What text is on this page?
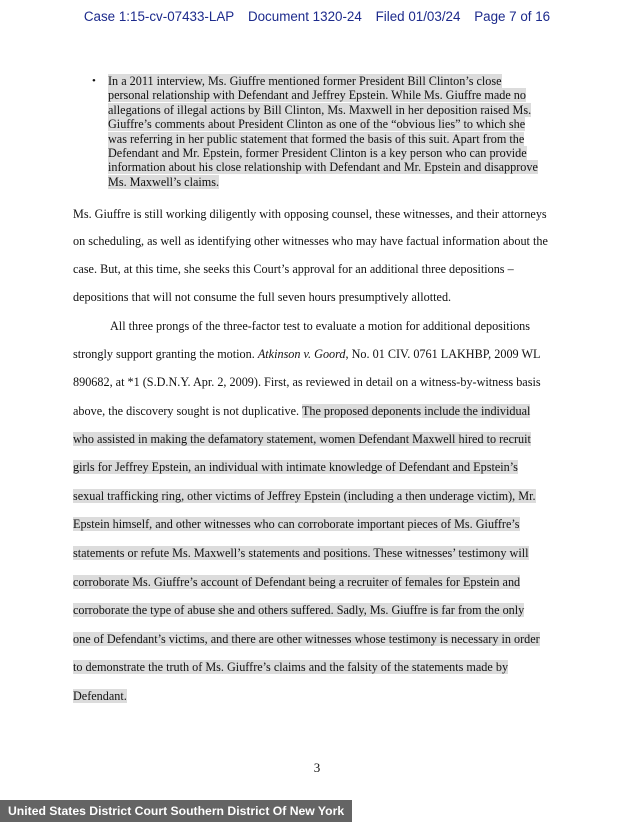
Case 1:15-cv-07433-LAP Document 1320-24 Filed 01/03/24 Page 7 of 16
• In a 2011 interview, Ms. Giuffre mentioned former President Bill Clinton’s close
personal relationship with Defendant and Jeffrey Epstein. While Ms. Giuffre made no
allegations of illegal actions by Bill Clinton, Ms. Maxwell in her deposition raised Ms.
Giuffre’s comments about President Clinton as one of the “obvious lies” to which she
was referring in her public statement that formed the basis of this suit. Apart from the
Defendant and Mr. Epstein, former President Clinton is a key person who can provide
information about his close relationship with Defendant and Mr. Epstein and disapprove
Ms. Maxwell’s claims.
Ms. Giuffre is still working diligently with opposing counsel, these witnesses, and their attorneys
on scheduling, as well as identifying other witnesses who may have factual information about the
case. But, at this time, she seeks this Court’s approval for an additional three depositions –
depositions that will not consume the full seven hours presumptively allotted.
All three prongs of the three-factor test to evaluate a motion for additional depositions
strongly support granting the motion. Atkinson v. Goord, No. 01 CIV. 0761 LAKHBP, 2009 WL
890682, at *1 (S.D.N.Y. Apr. 2, 2009). First, as reviewed in detail on a witness-by-witness basis
above, the discovery sought is not duplicative. The proposed deponents include the individual
who assisted in making the defamatory statement, women Defendant Maxwell hired to recruit
girls for Jeffrey Epstein, an individual with intimate knowledge of Defendant and Epstein’s
sexual trafficking ring, other victims of Jeffrey Epstein (including a then underage victim), Mr.
Epstein himself, and other witnesses who can corroborate important pieces of Ms. Giuffre’s
statements or refute Ms. Maxwell’s statements and positions. These witnesses’ testimony will
corroborate Ms. Giuffre’s account of Defendant being a recruiter of females for Epstein and
corroborate the type of abuse she and others suffered. Sadly, Ms. Giuffre is far from the only
one of Defendant’s victims, and there are other witnesses whose testimony is necessary in order
to demonstrate the truth of Ms. Giuffre’s claims and the falsity of the statements made by
Defendant.
3
United States District Court Southern District Of New York
